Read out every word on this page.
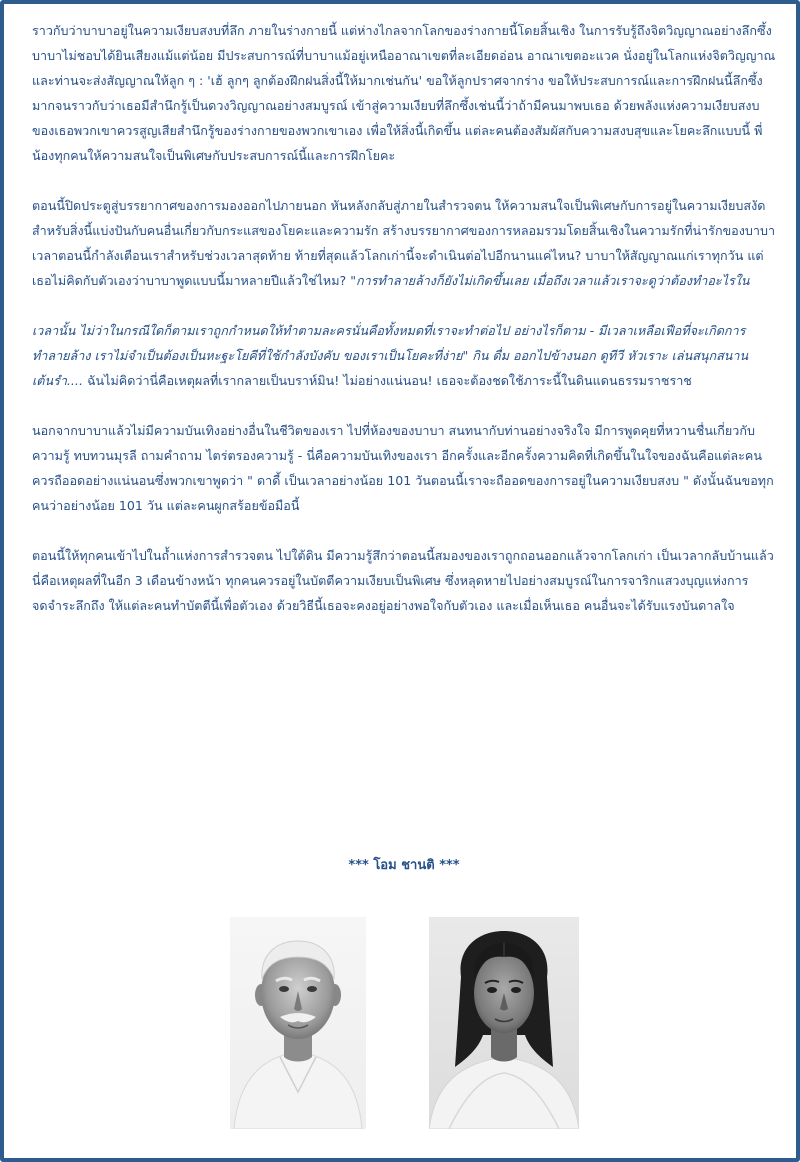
ราวกับว่าบาบาอยู่ในความเงียบสงบที่ลึก ภายในร่างกายนี้ แต่ห่างไกลจากโลกของร่างกายนี้โดยสิ้นเชิง ในการรับรู้ถึงจิตวิญญาณอย่างลึกซึ้ง บาบาไม่ชอบได้ยินเสียงแม้แต่น้อย มีประสบการณ์ที่บาบาแม้อยู่เหนืออาณาเขตที่ละเอียดอ่อน อาณาเขตอะแวค นั่งอยู่ในโลกแห่งจิตวิญญาณ และท่านจะส่งสัญญาณให้ลูก ๆ : 'เฮ้ ลูกๆ ลูกต้องฝึกฝนสิ่งนี้ให้มากเช่นกัน' ขอให้ลูกปราศจากร่าง ขอให้ประสบการณ์และการฝึกฝนนี้ลึกซึ้งมากจนราวกับว่าเธอมีสำนึกรู้เป็นดวงวิญญาณอย่างสมบูรณ์ เข้าสู่ความเงียบที่ลึกซึ้งเช่นนี้ว่าถ้ามีคนมาพบเธอ ด้วยพลังแห่งความเงียบสงบของเธอพวกเขาควรสูญเสียสำนึกรู้ของร่างกายของพวกเขาเอง เพื่อให้สิ่งนี้เกิดขึ้น แต่ละคนต้องสัมผัสกับความสงบสุขและโยคะลึกแบบนี้ พี่น้องทุกคนให้ความสนใจเป็นพิเศษกับประสบการณ์นี้และการฝึกโยคะ

ตอนนี้ปิดประตูสู่บรรยากาศของการมองออกไปภายนอก หันหลังกลับสู่ภายในสำรวจตน ให้ความสนใจเป็นพิเศษกับการอยู่ในความเงียบสงัด

สำหรับสิ่งนี้แบ่งปันกับคนอื่นเกี่ยวกับกระแสของโยคะและความรัก สร้างบรรยากาศของการหลอมรวมโดยสิ้นเชิงในความรักที่น่ารักของบาบา เวลาตอนนี้กำลังเตือนเราสำหรับช่วงเวลาสุดท้าย ท้ายที่สุดแล้วโลกเก่านี้จะดำเนินต่อไปอีกนานแค่ไหน? บาบาให้สัญญาณแก่เราทุกวัน แต่เธอไม่คิดกับตัวเองว่าบาบาพูดแบบนี้มาหลายปีแล้วใช่ไหม? "การทำลายล้างก็ยังไม่เกิดขึ้นเลย เมื่อถึงเวลาแล้วเราจะดูว่าต้องทำอะไรใน

เวลานั้น ไม่ว่าในกรณีใดก็ตามเราถูกกำหนดให้ทำตามละครนั่นคือทั้งหมดที่เราจะทำต่อไป อย่างไรก็ตาม - มีเวลาเหลือเฟือที่จะเกิดการทำลายล้าง เราไม่จำเป็นต้องเป็นหะฐะโยคีที่ใช้กำลังบังคับ ของเราเป็นโยคะที่ง่าย" กิน ดื่ม ออกไปข้างนอก ดูทีวี หัวเราะ เล่นสนุกสนาน เต้นรำ.... ฉันไม่คิดว่านี่คือเหตุผลที่เรากลายเป็นบราห์มิน! ไม่อย่างแน่นอน! เธอจะต้องชดใช้ภาระนี้ในดินแดนธรรมราชราช

นอกจากบาบาแล้วไม่มีความบันเทิงอย่างอื่นในชีวิตของเรา ไปที่ห้องของบาบา สนทนากับท่านอย่างจริงใจ มีการพูดคุยที่หวานชื่นเกี่ยวกับความรู้ ทบทวนมุรลี ถามคำถาม ไตร่ตรองความรู้ - นี่คือความบันเทิงของเรา อีกครั้งและอีกครั้งความคิดที่เกิดขึ้นในใจของฉันคือแต่ละคนควรถืออดอย่างแน่นอนซึ่งพวกเขาพูดว่า " ดาดี้ เป็นเวลาอย่างน้อย 101 วันตอนนี้เราจะถืออดของการอยู่ในความเงียบสงบ " ดังนั้นฉันขอทุกคนว่าอย่างน้อย 101 วัน แต่ละคนผูกสร้อยข้อมือนี้

ตอนนี้ให้ทุกคนเข้าไปในถ้ำแห่งการสำรวจตน ไปใต้ดิน มีความรู้สึกว่าตอนนี้สมองของเราถูกถอนออกแล้วจากโลกเก่า เป็นเวลากลับบ้านแล้ว นี่คือเหตุผลที่ในอีก 3 เดือนข้างหน้า ทุกคนควรอยู่ในบัตตีความเงียบเป็นพิเศษ ซึ่งหลุดหายไปอย่างสมบูรณ์ในการจาริกแสวงบุญแห่งการจดจำระลึกถึง ให้แต่ละคนทำบัตตีนี้เพื่อตัวเอง ด้วยวิธีนี้เธอจะคงอยู่อย่างพอใจกับตัวเอง และเมื่อเห็นเธอ คนอื่นจะได้รับแรงบันดาลใจ

*** โอม ชานติ ***
